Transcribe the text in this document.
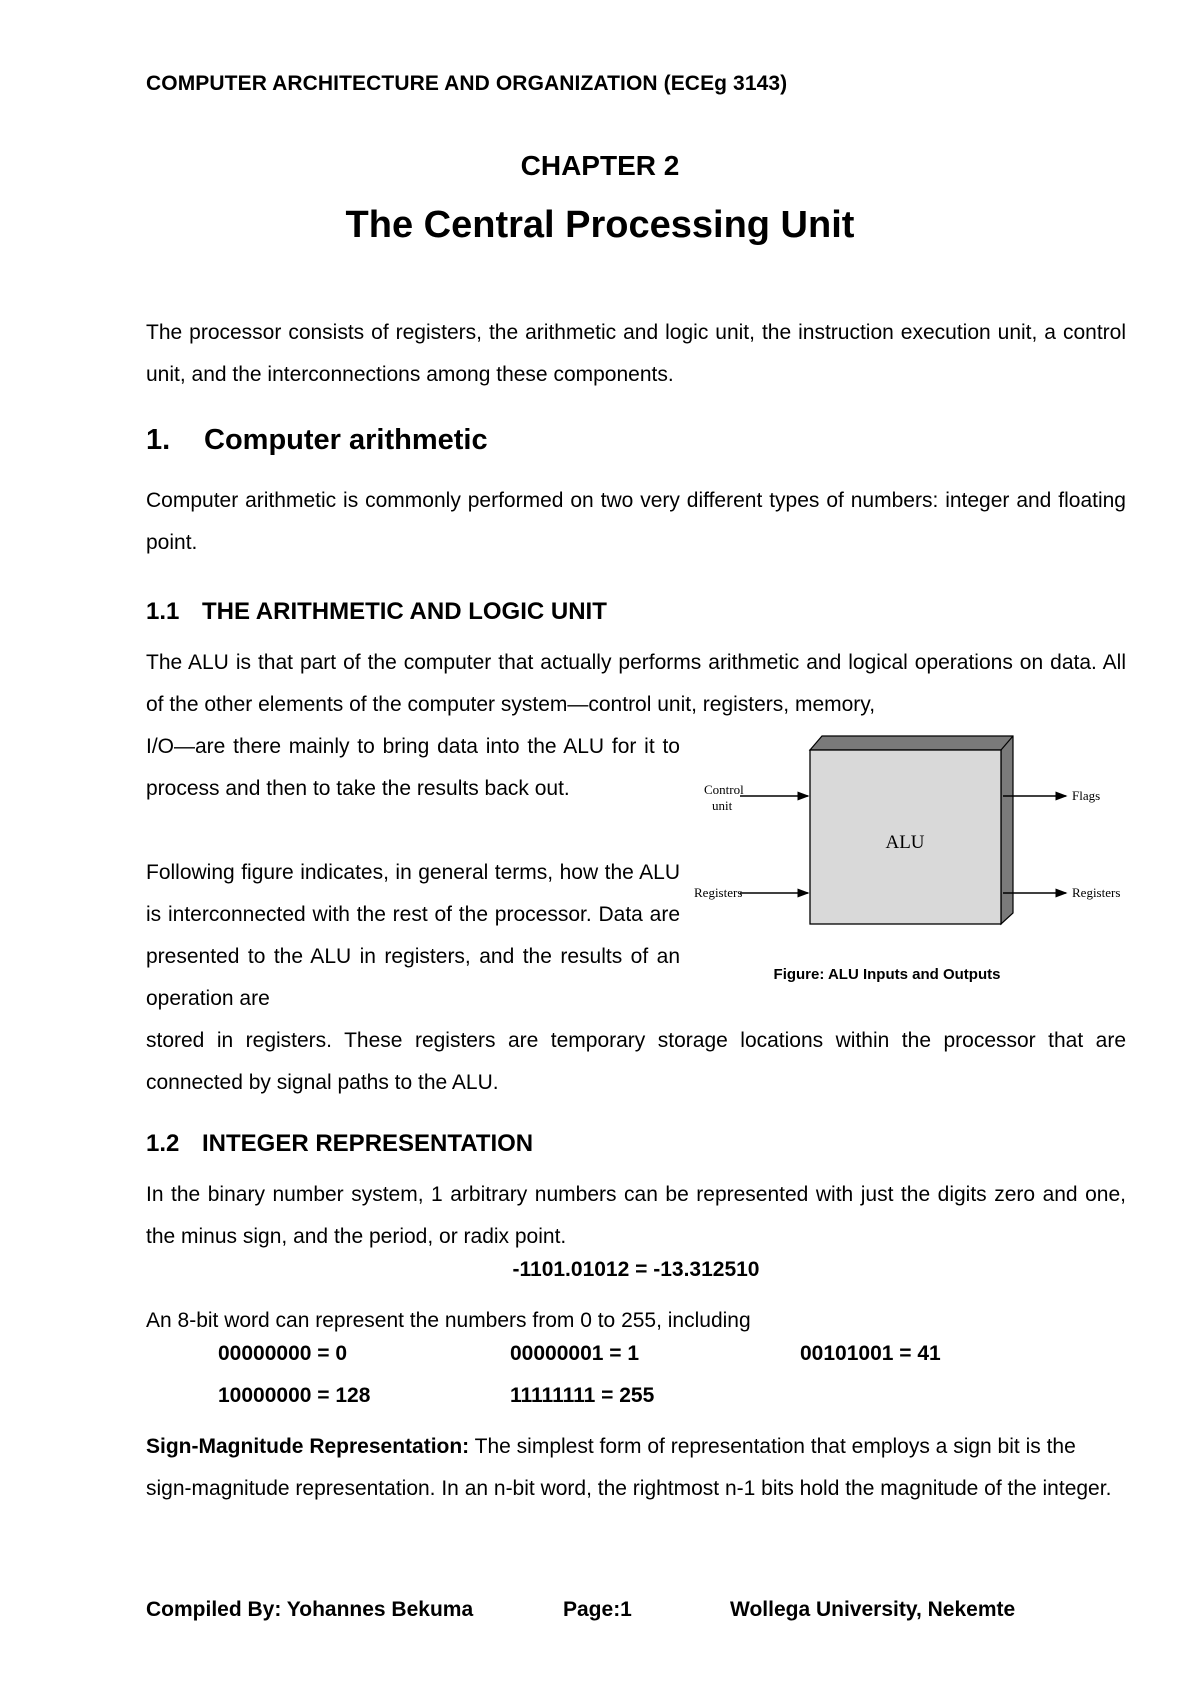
COMPUTER ARCHITECTURE AND ORGANIZATION (ECEg 3143)
CHAPTER 2
The Central Processing Unit
The processor consists of registers, the arithmetic and logic unit, the instruction execution unit, a control unit, and the interconnections among these components.
1. Computer arithmetic
Computer arithmetic is commonly performed on two very different types of numbers: integer and floating point.
1.1 THE ARITHMETIC AND LOGIC UNIT
The ALU is that part of the computer that actually performs arithmetic and logical operations on data. All of the other elements of the computer system—control unit, registers, memory,
I/O—are there mainly to bring data into the ALU for it to process and then to take the results back out.
Following figure indicates, in general terms, how the ALU is interconnected with the rest of the processor. Data are presented to the ALU in registers, and the results of an operation are
stored in registers. These registers are temporary storage locations within the processor that are connected by signal paths to the ALU.
ALU
Control
unit
Registers
Flags
Registers
Figure: ALU Inputs and Outputs
1.2 INTEGER REPRESENTATION
In the binary number system, 1 arbitrary numbers can be represented with just the digits zero and one, the minus sign, and the period, or radix point.
-1101.01012 = -13.312510
An 8-bit word can represent the numbers from 0 to 255, including
00000000 = 0	00000001 = 1	00101001 = 41
10000000 = 128	11111111 = 255
Sign-Magnitude Representation: The simplest form of representation that employs a sign bit is the sign-magnitude representation. In an n-bit word, the rightmost n-1 bits hold the magnitude of the integer.
Compiled By: Yohannes Bekuma	Page:1	Wollega University, Nekemte
